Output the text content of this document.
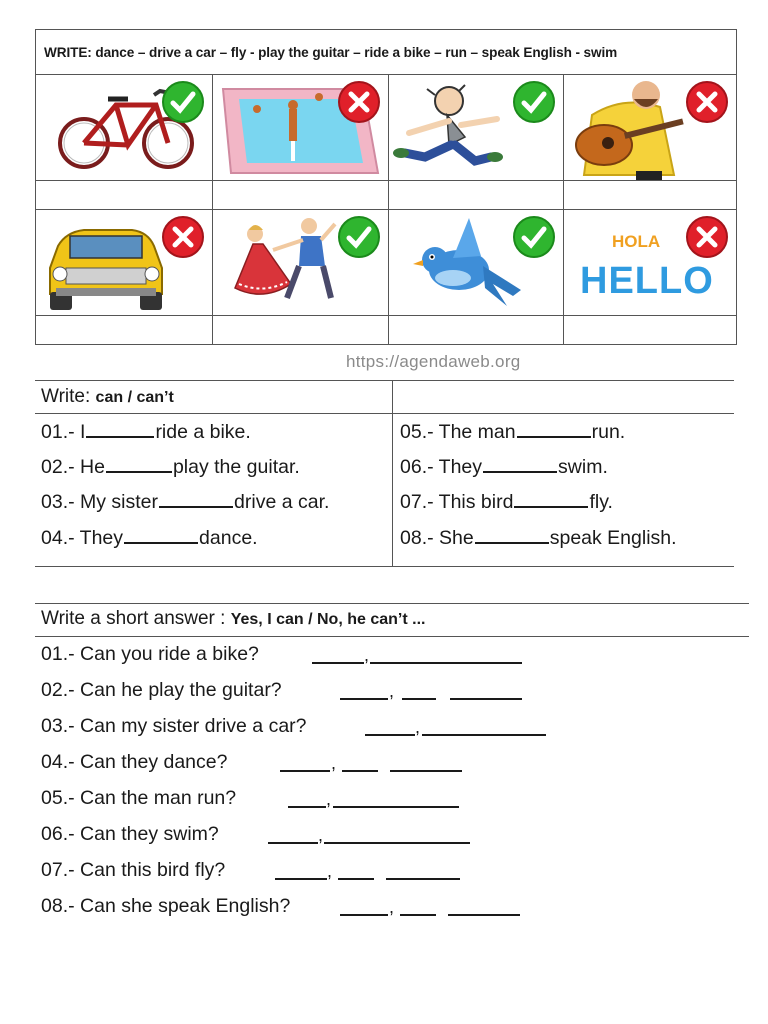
WRITE: dance – drive a car – fly - play the guitar – ride a bike – run – speak English - swim
HOLA
HELLO
https://agendaweb.org
Write: can / can’t
01.- I	ride a bike.
02.- He	play the guitar.
03.- My sister	drive a car.
04.- They	dance.
05.- The man	run.
06.- They	swim.
07.- This bird	fly.
08.- She	speak English.
Write a short answer : Yes, I can / No, he can’t ...
01.- Can you ride a bike?	,
02.- Can he play the guitar?	,
03.- Can my sister drive a car?	,
04.- Can they dance?	,
05.- Can the man run?	,
06.- Can they swim?	,
07.- Can this bird fly?	,
08.- Can she speak English?	,
